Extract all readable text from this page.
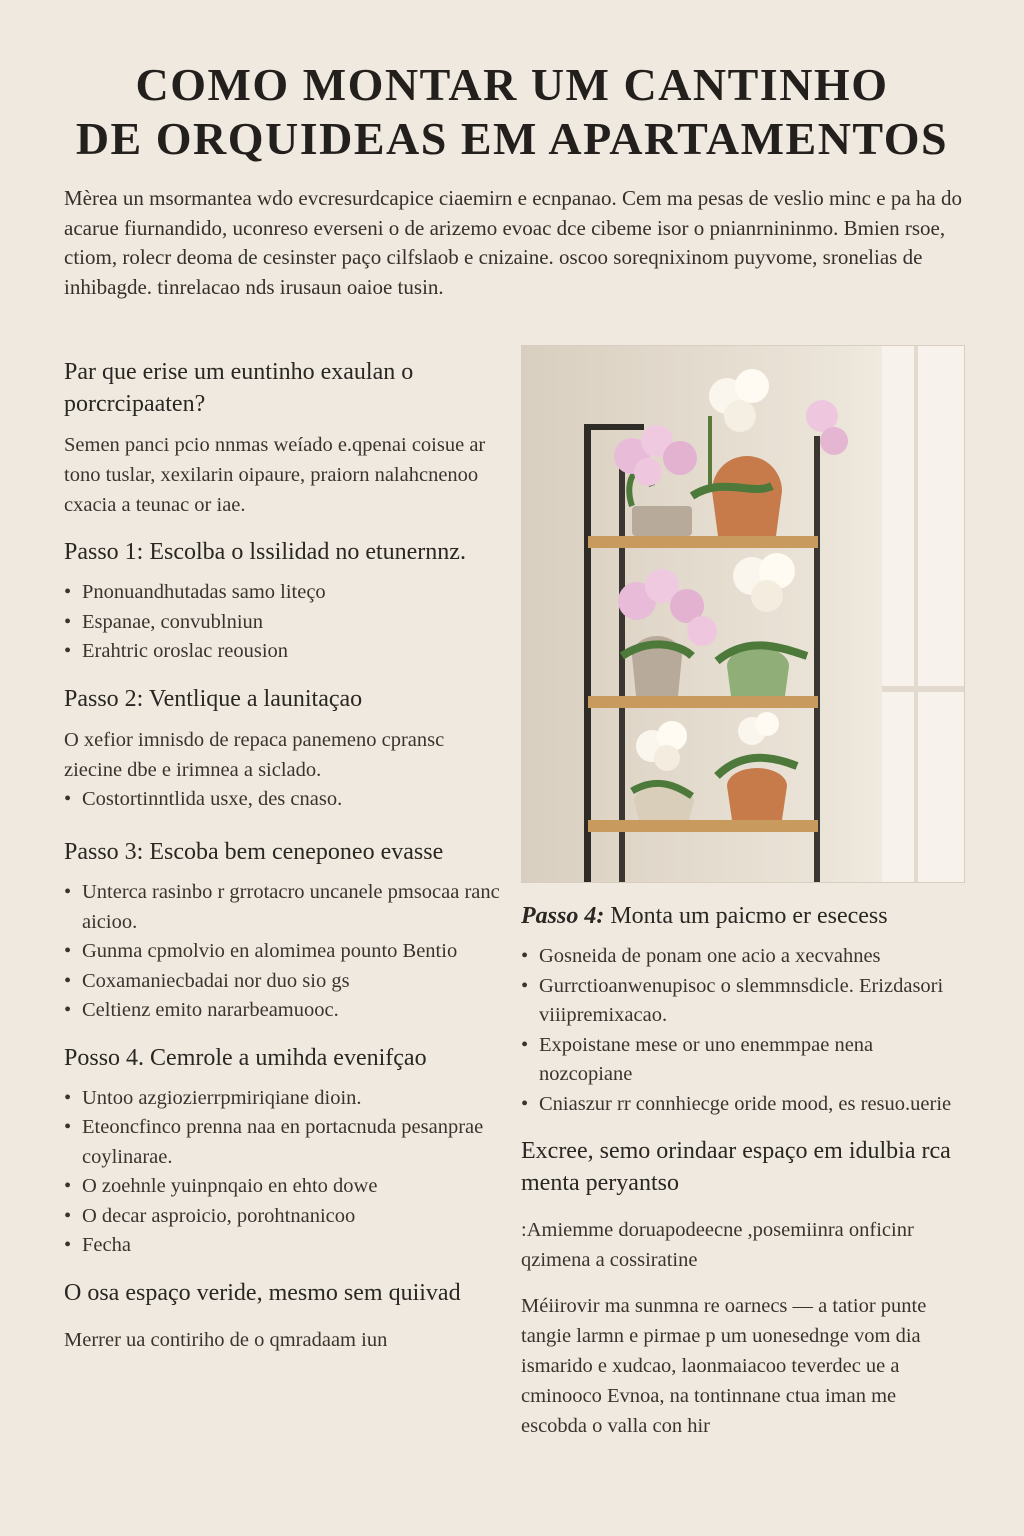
COMO MONTAR UM CANTINHO
DE ORQUIDEAS EM APARTAMENTOS

Mèrea un msormantea wdo evcresurdcapice ciaemirn e ecnpanao. Cem ma pesas de veslio minc e pa ha do acarue fiurnandido, uconreso everseni o de arizemo evoac dce cibeme isor o pnianrnininmo. Bmien rsoe, ctiom, rolecr deoma de cesinster paço cilfslaob e cnizaine. oscoo soreqnixinom puyvome, sronelias de inhibagde. tinrelacao nds irusaun oaioe tusin.

Par que erise um euntinho exaulan o porcrcipaaten?

Semen panci pcio nnmas weíado e.qpenai coisue ar tono tuslar, xexilarin oipaure, praiorn nalahcnenoo cxacia a teunac or iae.

Passo 1: Escolba o lssilidad no etunernnz.
• Pnonuandhutadas samo liteço
• Espanae, convublniun
• Erahtric oroslac reousion
Passo 2: Ventlique a launitaçao

O xefior imnisdo de repaca panemeno cpransc ziecine dbe e irimnea a siclado.

• Costortinntlida usxe, des cnaso.
Passo 3: Escoba bem ceneponeo evasse
• Unterca rasinbo r grrotacro uncanele pmsocaa ranc aicioo.
• Gunma cpmolvio en alomimea pounto Bentio
• Coxamaniecbadai nor duo sio gs
• Celtienz emito nararbeamuooc.
Posso 4. Cemrole a umihda evenifçao
• Untoo azgiozierrpmiriqiane dioin.
• Eteoncfinco prenna naa en portacnuda pesanprae coylinarae.
• O zoehnle yuinpnqaio en ehto dowe
• O decar asproicio, porohtnanicoo
• Fecha
O osa espaço veride, mesmo sem quiivad

Merrer ua contiriho de o qmradaam iun

Passo 4: Monta um paicmo er esecess
• Gosneida de ponam one acio a xecvahnes
• Gurrctioanwenupisoc o slemmnsdicle. Erizdasori viiipremixacao.
• Expoistane mese or uno enemmpae nena nozcopiane
• Cniaszur rr connhiecge oride mood, es resuo.uerie
Excree, semo orindaar espaço em idulbia rca menta peryantso

:Amiemme doruapodeecne ,posemiinra onficinr qzimena a cossiratine

Méiirovir ma sunmna re oarnecs — a tatior punte tangie larmn e pirmae p um uonesednge vom dia ismarido e xudcao, laonmaiacoo teverdec ue a cminooco Evnoa, na tontinnane ctua iman me escobda o valla con hir
